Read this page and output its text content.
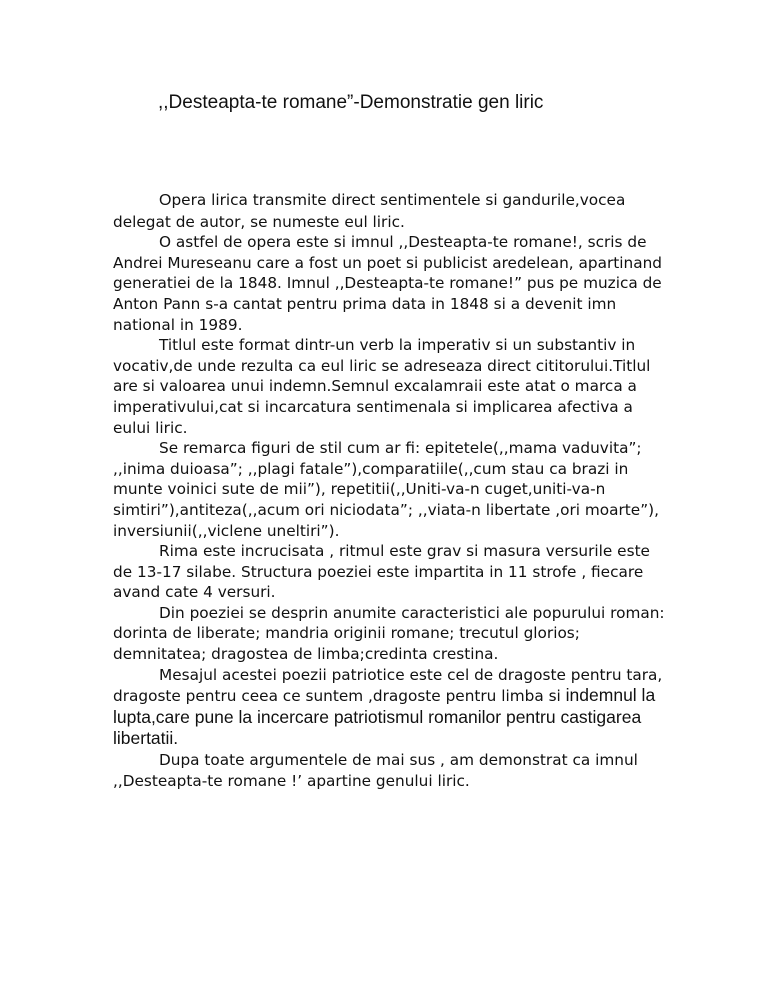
,,Desteapta-te romane”-Demonstratie gen liric

Opera lirica transmite direct sentimentele si gandurile,vocea delegat de autor, se numeste eul liric.

O astfel de opera este si imnul ,,Desteapta-te romane!, scris de Andrei Mureseanu care a fost un poet si publicist aredelean, apartinand generatiei de la 1848. Imnul ,,Desteapta-te romane!” pus pe muzica de Anton Pann s-a cantat pentru prima data in 1848 si a devenit imn national in 1989.

Titlul este format dintr-un verb la imperativ si un substantiv in vocativ,de unde rezulta ca eul liric se adreseaza direct cititorului.Titlul are si valoarea unui indemn.Semnul excalamraii este atat o marca a imperativului,cat si incarcatura sentimenala si implicarea afectiva a eului liric.

Se remarca figuri de stil cum ar fi: epitetele(,,mama vaduvita”; ,,inima duioasa”; ,,plagi fatale”),comparatiile(,,cum stau ca brazi in munte voinici sute de mii”), repetitii(,,Uniti-va-n cuget,uniti-va-n simtiri”),antiteza(,,acum ori niciodata”; ,,viata-n libertate ,ori moarte”), inversiunii(,,viclene uneltiri”).

Rima este incrucisata , ritmul este grav si masura versurile este de 13-17 silabe. Structura poeziei este impartita in 11 strofe , fiecare avand cate 4 versuri.

Din poeziei se desprin anumite caracteristici ale popurului roman: dorinta de liberate; mandria originii romane; trecutul glorios; demnitatea; dragostea de limba;credinta crestina.

Mesajul acestei poezii patriotice este cel de dragoste pentru tara, dragoste pentru ceea ce suntem ,dragoste pentru limba si indemnul la lupta,care pune la incercare patriotismul romanilor pentru castigarea libertatii.

Dupa toate argumentele de mai sus , am demonstrat ca imnul ,,Desteapta-te romane !’ apartine genului liric.
